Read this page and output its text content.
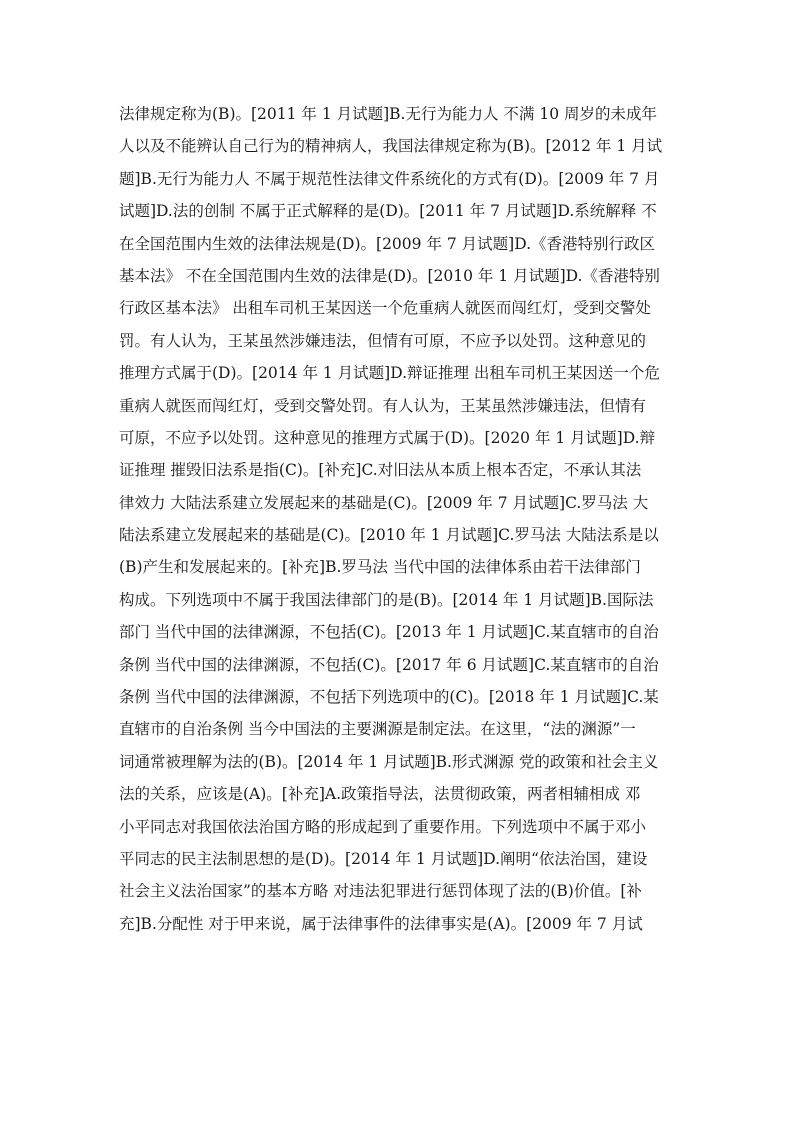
法律规定称为(B)。[2011 年 1 月试题]B.无行为能力人 不满 10 周岁的未成年
人以及不能辨认自己行为的精神病人，我国法律规定称为(B)。[2012 年 1 月试
题]B.无行为能力人 不属于规范性法律文件系统化的方式有(D)。[2009 年 7 月
试题]D.法的创制 不属于正式解释的是(D)。[2011 年 7 月试题]D.系统解释 不
在全国范围内生效的法律法规是(D)。[2009 年 7 月试题]D.《香港特别行政区
基本法》 不在全国范围内生效的法律是(D)。[2010 年 1 月试题]D.《香港特别
行政区基本法》 出租车司机王某因送一个危重病人就医而闯红灯，受到交警处
罚。有人认为，王某虽然涉嫌违法，但情有可原，不应予以处罚。这种意见的
推理方式属于(D)。[2014 年 1 月试题]D.辩证推理 出租车司机王某因送一个危
重病人就医而闯红灯，受到交警处罚。有人认为，王某虽然涉嫌违法，但情有
可原，不应予以处罚。这种意见的推理方式属于(D)。[2020 年 1 月试题]D.辩
证推理 摧毁旧法系是指(C)。[补充]C.对旧法从本质上根本否定，不承认其法
律效力 大陆法系建立发展起来的基础是(C)。[2009 年 7 月试题]C.罗马法 大
陆法系建立发展起来的基础是(C)。[2010 年 1 月试题]C.罗马法 大陆法系是以
(B)产生和发展起来的。[补充]B.罗马法 当代中国的法律体系由若干法律部门
构成。下列选项中不属于我国法律部门的是(B)。[2014 年 1 月试题]B.国际法
部门 当代中国的法律渊源，不包括(C)。[2013 年 1 月试题]C.某直辖市的自治
条例 当代中国的法律渊源，不包括(C)。[2017 年 6 月试题]C.某直辖市的自治
条例 当代中国的法律渊源，不包括下列选项中的(C)。[2018 年 1 月试题]C.某
直辖市的自治条例 当今中国法的主要渊源是制定法。在这里，“法的渊源”一
词通常被理解为法的(B)。[2014 年 1 月试题]B.形式渊源 党的政策和社会主义
法的关系，应该是(A)。[补充]A.政策指导法，法贯彻政策，两者相辅相成 邓
小平同志对我国依法治国方略的形成起到了重要作用。下列选项中不属于邓小
平同志的民主法制思想的是(D)。[2014 年 1 月试题]D.阐明“依法治国，建设
社会主义法治国家”的基本方略 对违法犯罪进行惩罚体现了法的(B)价值。[补
充]B.分配性 对于甲来说，属于法律事件的法律事实是(A)。[2009 年 7 月试
